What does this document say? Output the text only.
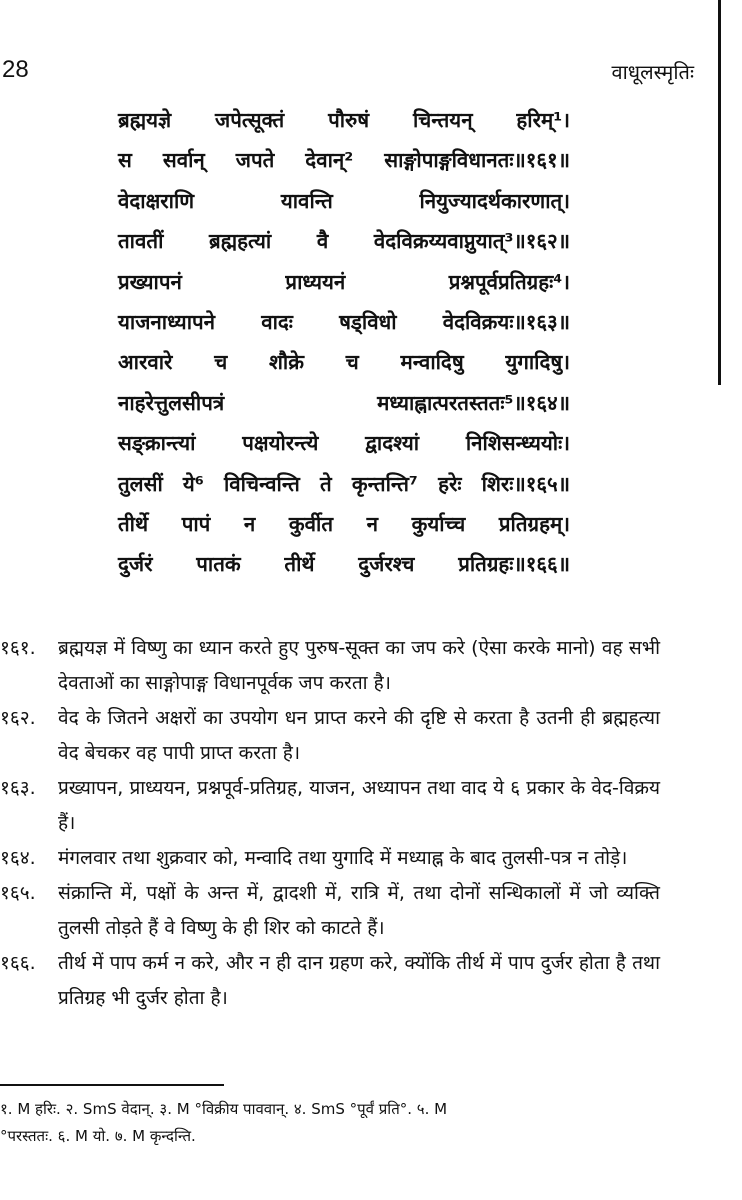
28	वाधूलस्मृतिः
ब्रह्मयज्ञे जपेत्सूक्तं पौरुषं चिन्तयन् हरिम्¹।
स सर्वान् जपते देवान्² साङ्गोपाङ्गविधानतः॥१६१॥
वेदाक्षराणि यावन्ति नियुज्यादर्थकारणात्।
तावतीं ब्रह्महत्यां वै वेदविक्रय्यवाप्नुयात्³॥१६२॥
प्रख्यापनं प्राध्ययनं प्रश्नपूर्वप्रतिग्रहः⁴।
याजनाध्यापने वादः षड्विधो वेदविक्रयः॥१६३॥
आरवारे च शौक्रे च मन्वादिषु युगादिषु।
नाहरेत्तुलसीपत्रं मध्याह्नात्परतस्ततः⁵॥१६४॥
सङ्क्रान्त्यां पक्षयोरन्त्ये द्वादश्यां निशिसन्ध्ययोः।
तुलसीं ये⁶ विचिन्वन्ति ते कृन्तन्ति⁷ हरेः शिरः॥१६५॥
तीर्थे पापं न कुर्वीत न कुर्याच्च प्रतिग्रहम्।
दुर्जरं पातकं तीर्थे दुर्जरश्च प्रतिग्रहः॥१६६॥
१६१.	ब्रह्मयज्ञ में विष्णु का ध्यान करते हुए पुरुष-सूक्त का जप करे (ऐसा करके मानो) वह सभी देवताओं का साङ्गोपाङ्ग विधानपूर्वक जप करता है।
१६२.	वेद के जितने अक्षरों का उपयोग धन प्राप्त करने की दृष्टि से करता है उतनी ही ब्रह्महत्या वेद बेचकर वह पापी प्राप्त करता है।
१६३.	प्रख्यापन, प्राध्ययन, प्रश्नपूर्व-प्रतिग्रह, याजन, अध्यापन तथा वाद ये ६ प्रकार के वेद-विक्रय हैं।
१६४.	मंगलवार तथा शुक्रवार को, मन्वादि तथा युगादि में मध्याह्न के बाद तुलसी-पत्र न तोड़े।
१६५.	संक्रान्ति में, पक्षों के अन्त में, द्वादशी में, रात्रि में, तथा दोनों सन्धिकालों में जो व्यक्ति तुलसी तोड़ते हैं वे विष्णु के ही शिर को काटते हैं।
१६६.	तीर्थ में पाप कर्म न करे, और न ही दान ग्रहण करे, क्योंकि तीर्थ में पाप दुर्जर होता है तथा प्रतिग्रह भी दुर्जर होता है।
१. M हरिः. २. SmS वेदान्. ३. M °विक्रीय पाववान्. ४. SmS °पूर्वं प्रति°. ५. M
°परस्ततः. ६. M यो. ७. M कृन्दन्ति.
